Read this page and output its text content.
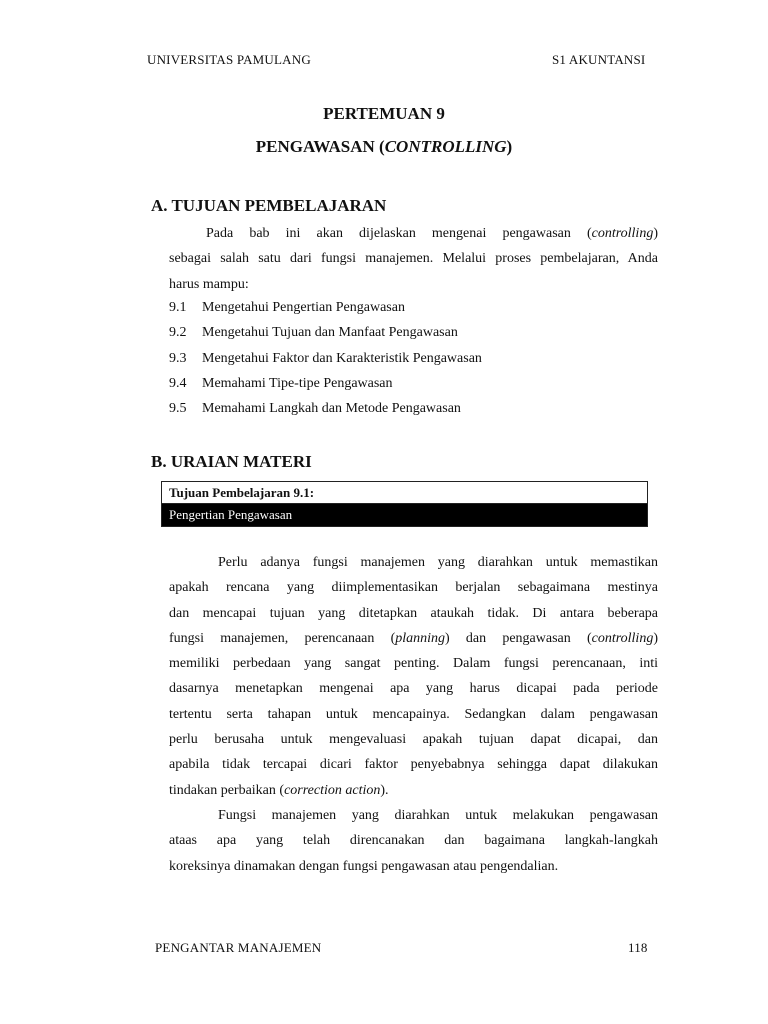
UNIVERSITAS PAMULANG	S1 AKUNTANSI
PERTEMUAN 9
PENGAWASAN (CONTROLLING)
A. TUJUAN PEMBELAJARAN
Pada bab ini akan dijelaskan mengenai pengawasan (controlling)
sebagai salah satu dari fungsi manajemen. Melalui proses pembelajaran, Anda
harus mampu:
9.1	Mengetahui Pengertian Pengawasan
9.2	Mengetahui Tujuan dan Manfaat Pengawasan
9.3	Mengetahui Faktor dan Karakteristik Pengawasan
9.4	Memahami Tipe-tipe Pengawasan
9.5	Memahami Langkah dan Metode Pengawasan
B. URAIAN MATERI
Tujuan Pembelajaran 9.1:
Pengertian Pengawasan
Perlu adanya fungsi manajemen yang diarahkan untuk memastikan
apakah rencana yang diimplementasikan berjalan sebagaimana mestinya
dan mencapai tujuan yang ditetapkan ataukah tidak. Di antara beberapa
fungsi manajemen, perencanaan (planning) dan pengawasan (controlling)
memiliki perbedaan yang sangat penting. Dalam fungsi perencanaan, inti
dasarnya menetapkan mengenai apa yang harus dicapai pada periode
tertentu serta tahapan untuk mencapainya. Sedangkan dalam pengawasan
perlu berusaha untuk mengevaluasi apakah tujuan dapat dicapai, dan
apabila tidak tercapai dicari faktor penyebabnya sehingga dapat dilakukan
tindakan perbaikan (correction action).
Fungsi manajemen yang diarahkan untuk melakukan pengawasan
ataas apa yang telah direncanakan dan bagaimana langkah-langkah
koreksinya dinamakan dengan fungsi pengawasan atau pengendalian.
PENGANTAR MANAJEMEN	118
